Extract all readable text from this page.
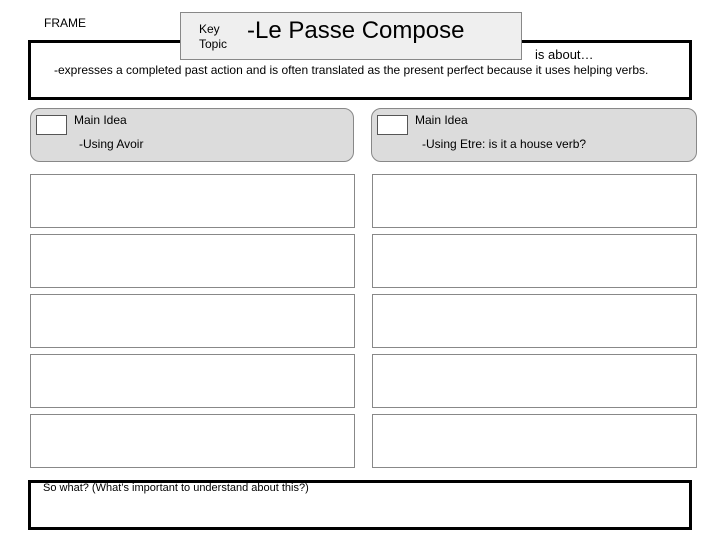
FRAME	Key
Topic -Le Passe Compose
is about…
-expresses a completed past action and is often translated as the present perfect because it uses helping verbs.
Main Idea
-Using Avoir
Main Idea
-Using Etre: is it a house verb?
So what? (What’s important to understand about this?)
